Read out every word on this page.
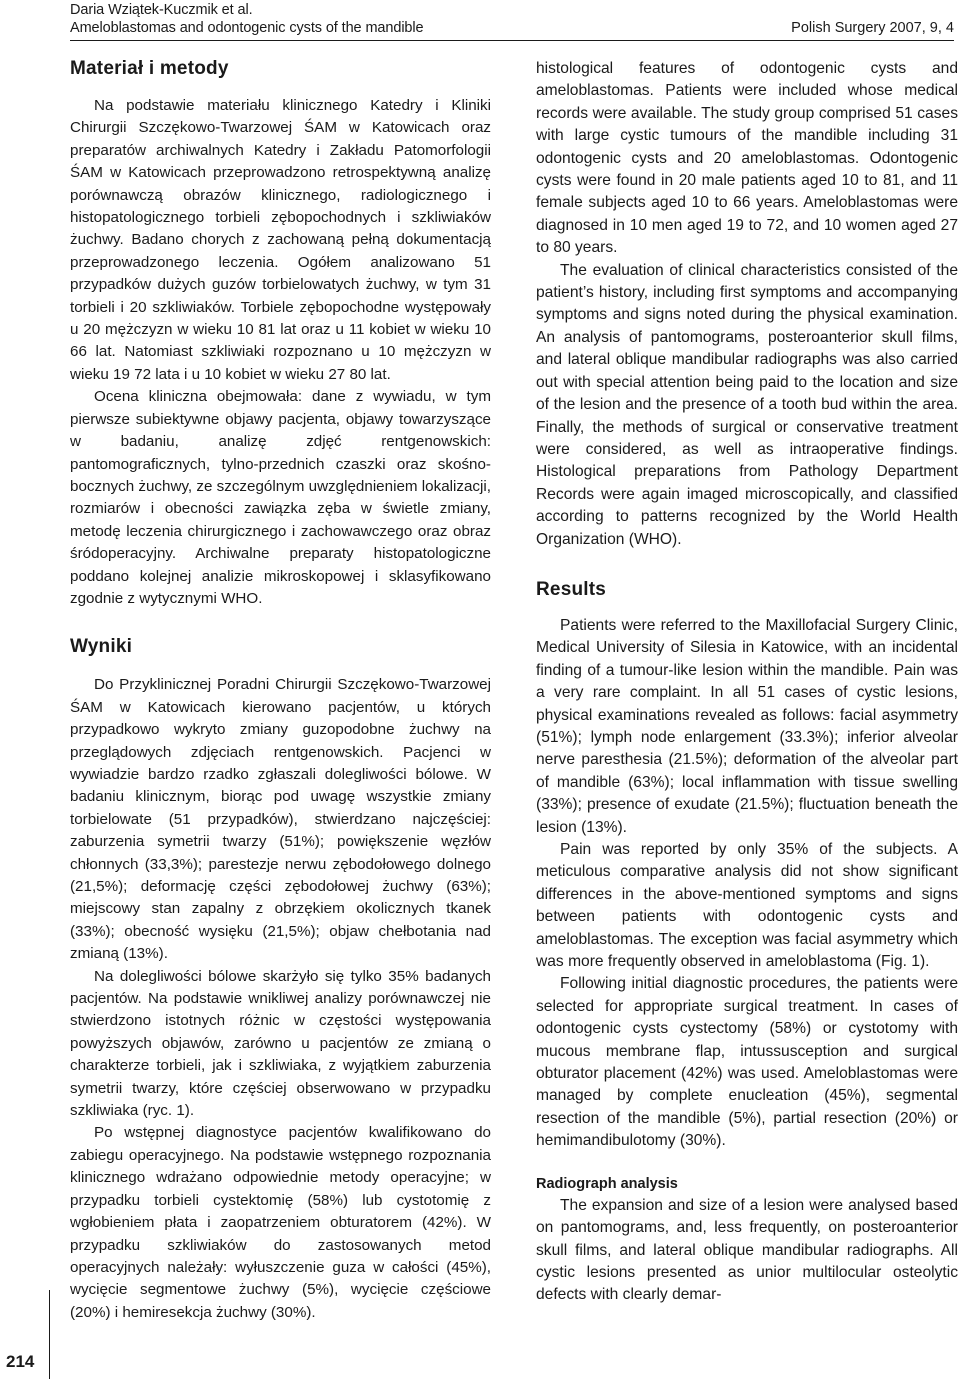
Daria Wziątek-Kuczmik et al.
Ameloblastomas and odontogenic cysts of the mandible	Polish Surgery 2007, 9, 4
Materiał i metody

Na podstawie materiału klinicznego Katedry i Kliniki Chirurgii Szczękowo-Twarzowej ŚAM w Katowicach oraz preparatów archiwalnych Katedry i Zakładu Patomorfologii ŚAM w Katowicach przeprowadzono retrospektywną analizę porównawczą obrazów klinicznego, radiologicznego i histopatologicznego torbieli zębopochodnych i szkliwiaków żuchwy. Badano chorych z zachowaną pełną dokumentacją przeprowadzonego leczenia. Ogółem analizowano 51 przypadków dużych guzów torbielowatych żuchwy, w tym 31 torbieli i 20 szkliwiaków. Torbiele zębopochodne występowały u 20 mężczyzn w wieku 10 81 lat oraz u 11 kobiet w wieku 10 66 lat. Natomiast szkliwiaki rozpoznano u 10 mężczyzn w wieku 19 72 lata i u 10 kobiet w wieku 27 80 lat.

Ocena kliniczna obejmowała: dane z wywiadu, w tym pierwsze subiektywne objawy pacjenta, objawy towarzyszące w badaniu, analizę zdjęć rentgenowskich: pantomograficznych, tylno-przednich czaszki oraz skośno-bocznych żuchwy, ze szczególnym uwzględnieniem lokalizacji, rozmiarów i obecności zawiązka zęba w świetle zmiany, metodę leczenia chirurgicznego i zachowawczego oraz obraz śródoperacyjny. Archiwalne preparaty histopatologiczne poddano kolejnej analizie mikroskopowej i sklasyfikowano zgodnie z wytycznymi WHO.

Wyniki

Do Przyklinicznej Poradni Chirurgii Szczękowo-Twarzowej ŚAM w Katowicach kierowano pacjentów, u których przypadkowo wykryto zmiany guzopodobne żuchwy na przeglądowych zdjęciach rentgenowskich. Pacjenci w wywiadzie bardzo rzadko zgłaszali dolegliwości bólowe. W badaniu klinicznym, biorąc pod uwagę wszystkie zmiany torbielowate (51 przypadków), stwierdzano najczęściej: zaburzenia symetrii twarzy (51%); powiększenie węzłów chłonnych (33,3%); parestezje nerwu zębodołowego dolnego (21,5%); deformację części zębodołowej żuchwy (63%); miejscowy stan zapalny z obrzękiem okolicznych tkanek (33%); obecność wysięku (21,5%); objaw chełbotania nad zmianą (13%).

Na dolegliwości bólowe skarżyło się tylko 35% badanych pacjentów. Na podstawie wnikliwej analizy porównawczej nie stwierdzono istotnych różnic w częstości występowania powyższych objawów, zarówno u pacjentów ze zmianą o charakterze torbieli, jak i szkliwiaka, z wyjątkiem zaburzenia symetrii twarzy, które częściej obserwowano w przypadku szkliwiaka (ryc. 1).

Po wstępnej diagnostyce pacjentów kwalifikowano do zabiegu operacyjnego. Na podstawie wstępnego rozpoznania klinicznego wdrażano odpowiednie metody operacyjne; w przypadku torbieli cystektomię (58%) lub cystotomię z wgłobieniem płata i zaopatrzeniem obturatorem (42%). W przypadku szkliwiaków do zastosowanych metod operacyjnych należały: wyłuszczenie guza w całości (45%), wycięcie segmentowe żuchwy (5%), wycięcie częściowe (20%) i hemiresekcja żuchwy (30%).

histological features of odontogenic cysts and ameloblastomas. Patients were included whose medical records were available. The study group comprised 51 cases with large cystic tumours of the mandible including 31 odontogenic cysts and 20 ameloblastomas. Odontogenic cysts were found in 20 male patients aged 10 to 81, and 11 female subjects aged 10 to 66 years. Ameloblastomas were diagnosed in 10 men aged 19 to 72, and 10 women aged 27 to 80 years.

The evaluation of clinical characteristics consisted of the patient’s history, including first symptoms and accompanying symptoms and signs noted during the physical examination. An analysis of pantomograms, posteroanterior skull films, and lateral oblique mandibular radiographs was also carried out with special attention being paid to the location and size of the lesion and the presence of a tooth bud within the area. Finally, the methods of surgical or conservative treatment were considered, as well as intraoperative findings. Histological preparations from Pathology Department Records were again imaged microscopically, and classified according to patterns recognized by the World Health Organization (WHO).

Results

Patients were referred to the Maxillofacial Surgery Clinic, Medical University of Silesia in Katowice, with an incidental finding of a tumour-like lesion within the mandible. Pain was a very rare complaint. In all 51 cases of cystic lesions, physical examinations revealed as follows: facial asymmetry (51%); lymph node enlargement (33.3%); inferior alveolar nerve paresthesia (21.5%); deformation of the alveolar part of mandible (63%); local inflammation with tissue swelling (33%); presence of exudate (21.5%); fluctuation beneath the lesion (13%).

Pain was reported by only 35% of the subjects. A meticulous comparative analysis did not show significant differences in the above-mentioned symptoms and signs between patients with odontogenic cysts and ameloblastomas. The exception was facial asymmetry which was more frequently observed in ameloblastoma (Fig. 1).

Following initial diagnostic procedures, the patients were selected for appropriate surgical treatment. In cases of odontogenic cysts cystectomy (58%) or cystotomy with mucous membrane flap, intussusception and surgical obturator placement (42%) was used. Ameloblastomas were managed by complete enucleation (45%), segmental resection of the mandible (5%), partial resection (20%) or hemimandibulotomy (30%).

Radiograph analysis

The expansion and size of a lesion were analysed based on pantomograms, and, less frequently, on posteroanterior skull films, and lateral oblique mandibular radiographs. All cystic lesions presented as unior multilocular osteolytic defects with clearly demar-

214
